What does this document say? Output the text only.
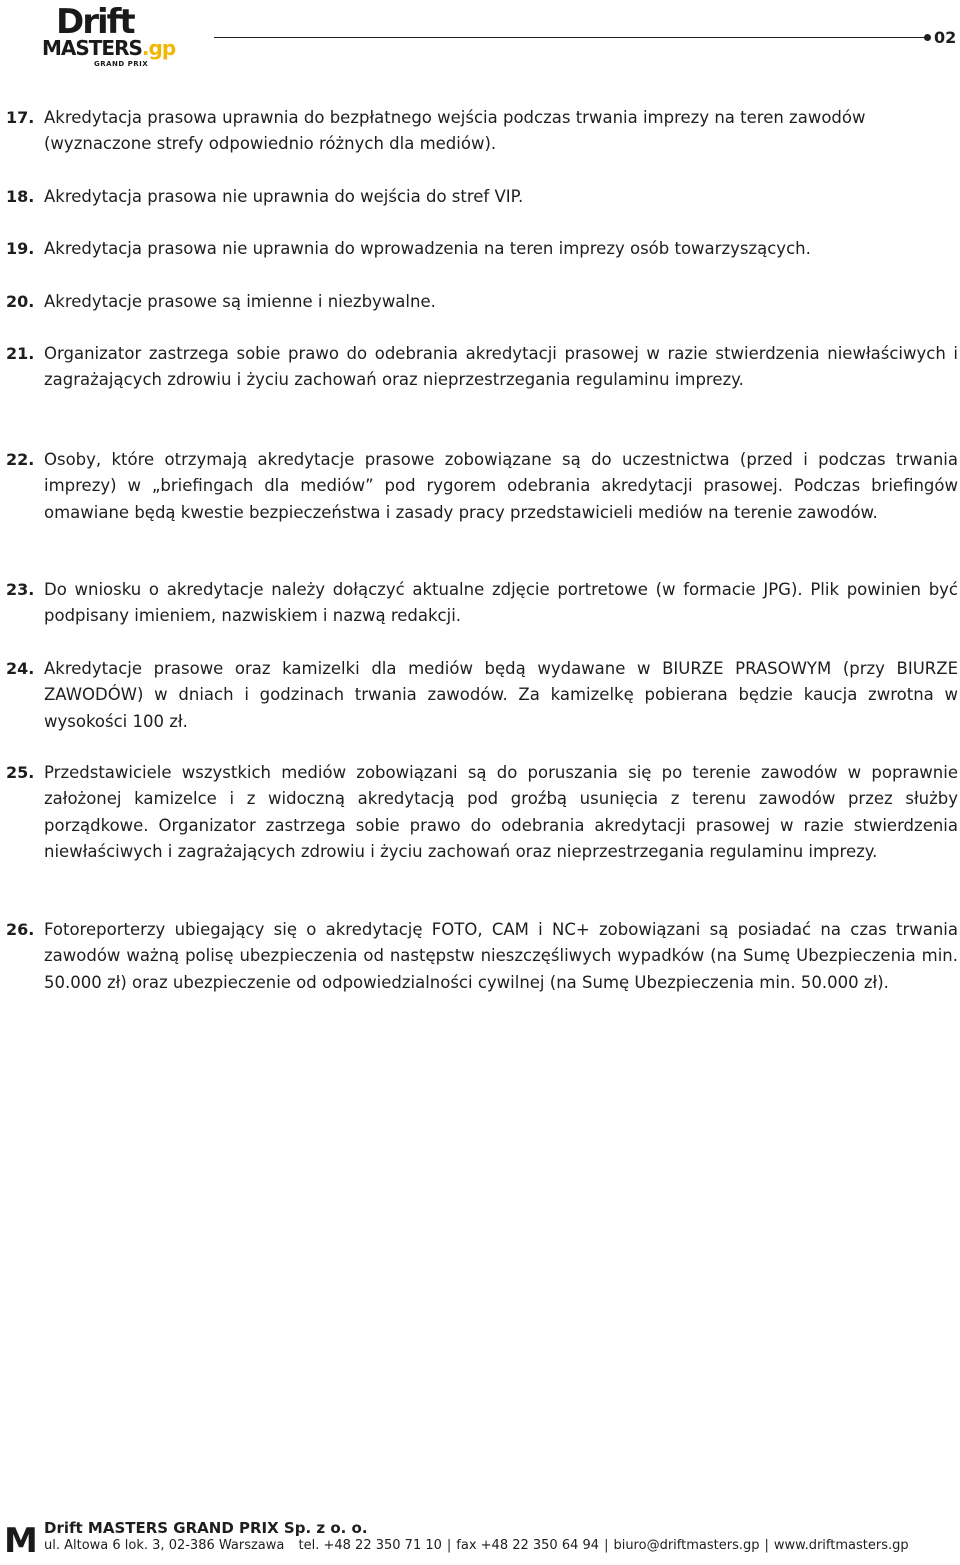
Drift
MASTERS.gp
GRAND PRIX
02
17. Akredytacja prasowa uprawnia do bezpłatnego wejścia podczas trwania imprezy na teren zawodów (wyznaczone strefy odpowiednio różnych dla mediów).
18. Akredytacja prasowa nie uprawnia do wejścia do stref VIP.
19. Akredytacja prasowa nie uprawnia do wprowadzenia na teren imprezy osób towarzyszących.
20. Akredytacje prasowe są imienne i niezbywalne.
21. Organizator zastrzega sobie prawo do odebrania akredytacji prasowej w razie stwierdzenia niewłaściwych i zagrażających zdrowiu i życiu zachowań oraz nieprzestrzegania regulaminu imprezy.
22. Osoby, które otrzymają akredytacje prasowe zobowiązane są do uczestnictwa (przed i podczas trwania imprezy) w „briefingach dla mediów” pod rygorem odebrania akredytacji prasowej. Podczas briefingów omawiane będą kwestie bezpieczeństwa i zasady pracy przedstawicieli mediów na terenie zawodów.
23. Do wniosku o akredytacje należy dołączyć aktualne zdjęcie portretowe (w formacie JPG). Plik powinien być podpisany imieniem, nazwiskiem i nazwą redakcji.
24. Akredytacje prasowe oraz kamizelki dla mediów będą wydawane w BIURZE PRASOWYM (przy BIURZE ZAWODÓW) w dniach i godzinach trwania zawodów. Za kamizelkę pobierana będzie kaucja zwrotna w wysokości 100 zł.
25. Przedstawiciele wszystkich mediów zobowiązani są do poruszania się po terenie zawodów w poprawnie założonej kamizelce i z widoczną akredytacją pod groźbą usunięcia z terenu zawodów przez służby porządkowe. Organizator zastrzega sobie prawo do odebrania akredytacji prasowej w razie stwierdzenia niewłaściwych i zagrażających zdrowiu i życiu zachowań oraz nieprzestrzegania regulaminu imprezy.
26. Fotoreporterzy ubiegający się o akredytację FOTO, CAM i NC+ zobowiązani są posiadać na czas trwania zawodów ważną polisę ubezpieczenia od następstw nieszczęśliwych wypadków (na Sumę Ubezpieczenia min. 50.000 zł) oraz ubezpieczenie od odpowiedzialności cywilnej (na Sumę Ubezpieczenia min. 50.000 zł).
M Drift MASTERS GRAND PRIX Sp. z o. o.
ul. Altowa 6 lok. 3, 02-386 Warszawa tel. +48 22 350 71 10 | fax +48 22 350 64 94 | biuro@driftmasters.gp | www.driftmasters.gp
